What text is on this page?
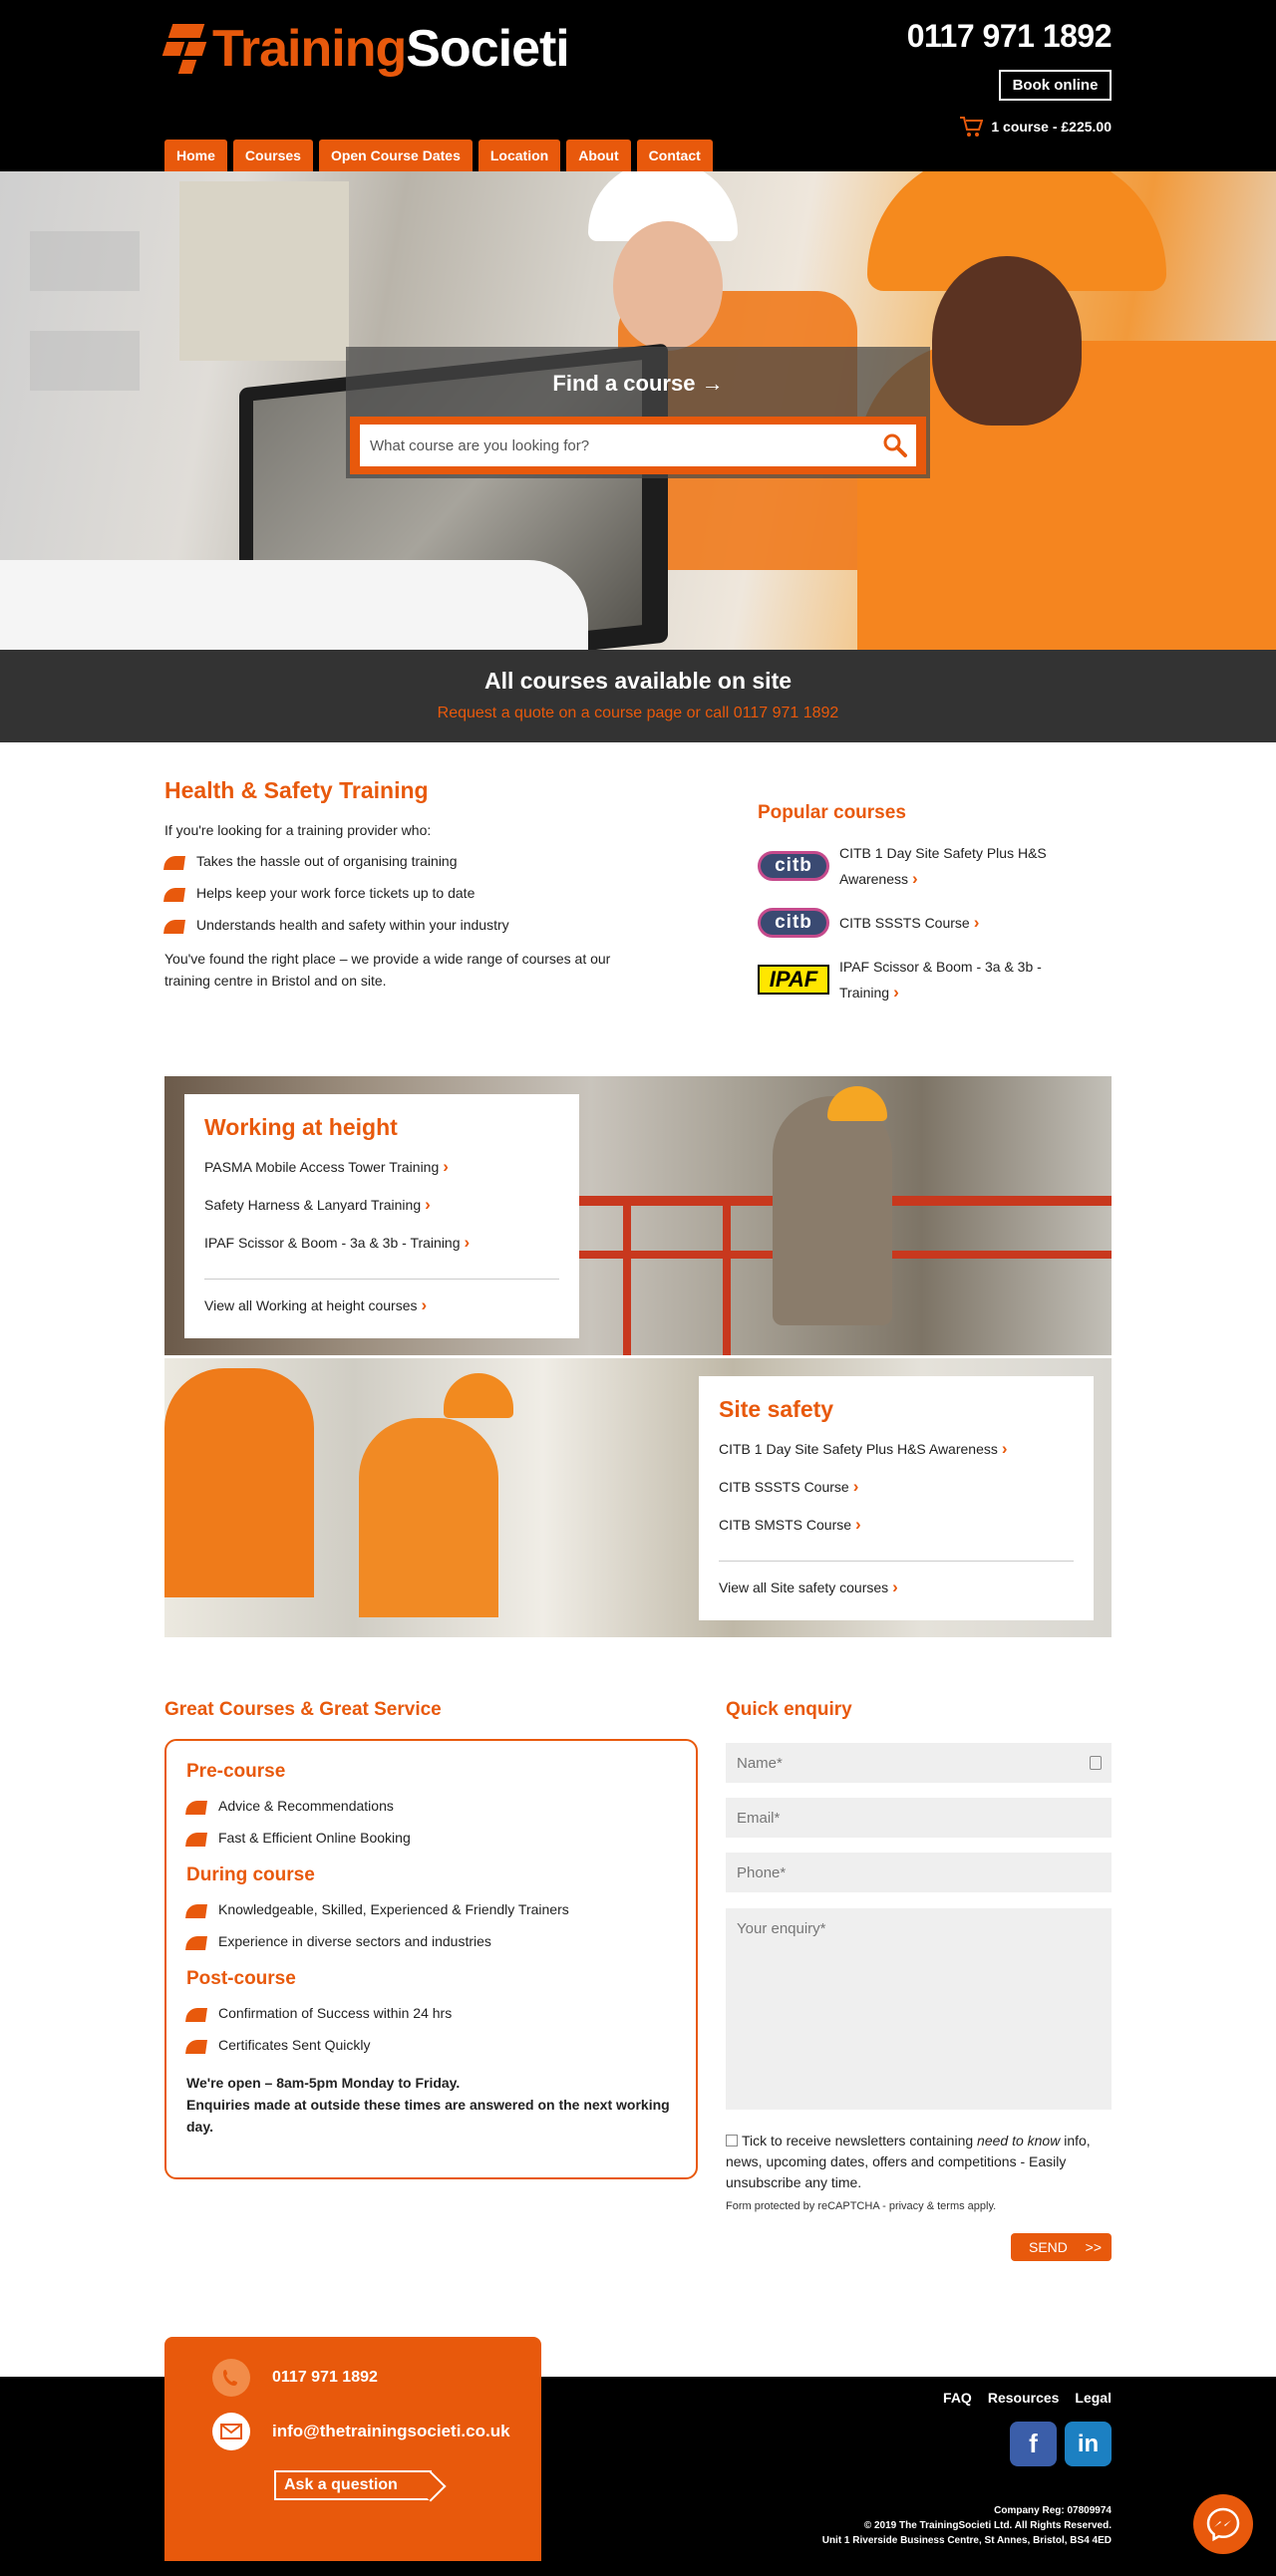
TrainingSocieti	0117 971 1892
Book online
1 course - £225.00
Home	Courses	Open Course Dates	Location	About	Contact
Find a course →
What course are you looking for?
All courses available on site

Request a quote on a course page or call 0117 971 1892

Health & Safety Training

If you're looking for a training provider who:

Takes the hassle out of organising training
Helps keep your work force tickets up to date
Understands health and safety within your industry

You've found the right place – we provide a wide range of courses at our training centre in Bristol and on site.

Popular courses
citb
CITB 1 Day Site Safety Plus H&S Awareness ›
citb	CITB SSSTS Course ›
IPAF	IPAF Scissor & Boom - 3a & 3b - Training ›
Working at height
PASMA Mobile Access Tower Training ›
Safety Harness & Lanyard Training ›
IPAF Scissor & Boom - 3a & 3b - Training ›
View all Working at height courses ›
Site safety
CITB 1 Day Site Safety Plus H&S Awareness ›
CITB SSSTS Course ›
CITB SMSTS Course ›
View all Site safety courses ›
Great Courses & Great Service
Pre-course
Advice & Recommendations
Fast & Efficient Online Booking
During course
Knowledgeable, Skilled, Experienced & Friendly Trainers
Experience in diverse sectors and industries
Post-course
Confirmation of Success within 24 hrs
Certificates Sent Quickly

We're open – 8am-5pm Monday to Friday.
Enquiries made at outside these times are answered on the next working day.

Quick enquiry
Name*
Email*
Phone*
Your enquiry*
Tick to receive newsletters containing need to know info, news, upcoming dates, offers and competitions - Easily unsubscribe any time.
Form protected by reCAPTCHA - privacy & terms apply.
SEND >>
0117 971 1892
info@thetrainingsocieti.co.uk
Ask a question
FAQ Resources Legal
f	in
Company Reg: 07809974
© 2019 The TrainingSocieti Ltd. All Rights Reserved.
Unit 1 Riverside Business Centre, St Annes, Bristol, BS4 4ED
